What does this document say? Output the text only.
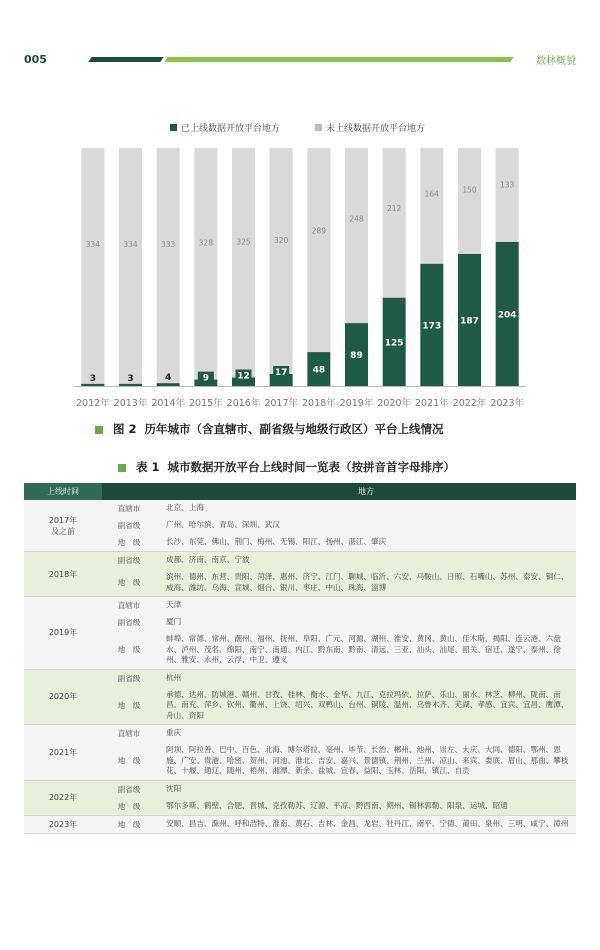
005	数林概貌
已上线数据开放平台地方	未上线数据开放平台地方
334
3
2012年
334
3
2013年
333
4
2014年
328
9
2015年
325
12
2016年
320
17
2017年
289
48
2018年
248
89
2019年
212
125
2020年
164
173
2021年
150
187
2022年
133
204
2023年
图 2 历年城市（含直辖市、副省级与地级行政区）平台上线情况
表 1 城市数据开放平台上线时间一览表（按拼音首字母排序）
上线时间		地方
2017年
及之前	直辖市	北京、上海
	副省级	广州、哈尔滨、青岛、深圳、武汉
	地　级	长沙、东莞、佛山、荆门、梅州、无锡、阳江、扬州、湛江、肇庆
2018年	副省级	成都、济南、南京、宁波
	地　级	滨州、德州、东营、贵阳、菏泽、惠州、济宁、江门、聊城、临沂、六安、马鞍山、日照、石嘴山、苏州、泰安、铜仁、威海、潍坊、乌海、宣城、烟台、银川、枣庄、中山、珠海、淄博
2019年	直辖市	天津
	副省级	厦门
	地　级	蚌埠、常德、常州、潮州、福州、抚州、阜阳、广元、河源、湖州、淮安、黄冈、黄山、佳木斯、揭阳、连云港、六盘水、泸州、茂名、绵阳、南宁、南通、内江、黔东南、黔南、清远、三亚、汕头、汕尾、韶关、宿迁、遂宁、泰州、徐州、雅安、永州、云浮、中卫、遵义
2020年	副省级	杭州
	地　级	承德、达州、防城港、赣州、甘孜、桂林、衡水、金华、九江、克拉玛依、拉萨、乐山、丽水、林芝、柳州、陇南、南昌、南充、萍乡、钦州、衢州、上饶、绍兴、双鸭山、台州、铜陵、温州、乌鲁木齐、芜湖、孝感、宜宾、宜昌、鹰潭、舟山、资阳
2021年	直辖市	重庆
	地　级	阿坝、阿拉善、巴中、百色、北海、博尔塔拉、亳州、毕节、长治、郴州、池州、崇左、大庆、大同、德阳、鄂州、恩施、广安、贵港、哈密、贺州、河池、淮北、吉安、嘉兴、景德镇、荆州、兰州、凉山、来宾、娄底、眉山、那曲、攀枝花、十堰、通辽、随州、梧州、湘潭、新余、盐城、宜春、益阳、玉林、岳阳、镇江、自贡
2022年	副省级	沈阳
	地　级	鄂尔多斯、鹤壁、合肥、晋城、克孜勒苏、辽源、平凉、黔西南、朔州、锡林郭勒、阳泉、运城、昭通
2023年	地　级	安顺、昌吉、滁州、呼和浩特、淮南、黄石、吉林、金昌、龙岩、牡丹江、南平、宁德、莆田、泉州、三明、咸宁、漳州
